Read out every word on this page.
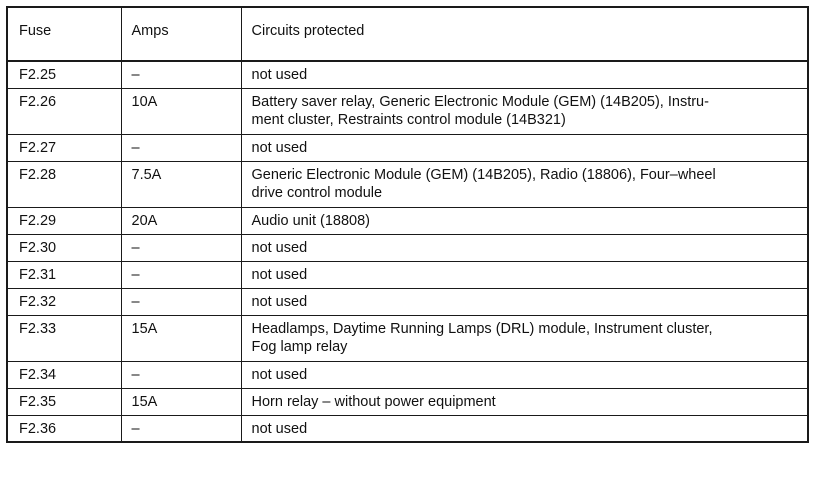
Fuse	Amps	Circuits protected
F2.25	–	not used
F2.26	10A	Battery saver relay, Generic Electronic Module (GEM) (14B205), Instru-
ment cluster, Restraints control module (14B321)
F2.27	–	not used
F2.28	7.5A	Generic Electronic Module (GEM) (14B205), Radio (18806), Four–wheel
drive control module
F2.29	20A	Audio unit (18808)
F2.30	–	not used
F2.31	–	not used
F2.32	–	not used
F2.33	15A	Headlamps, Daytime Running Lamps (DRL) module, Instrument cluster,
Fog lamp relay
F2.34	–	not used
F2.35	15A	Horn relay – without power equipment
F2.36	–	not used
